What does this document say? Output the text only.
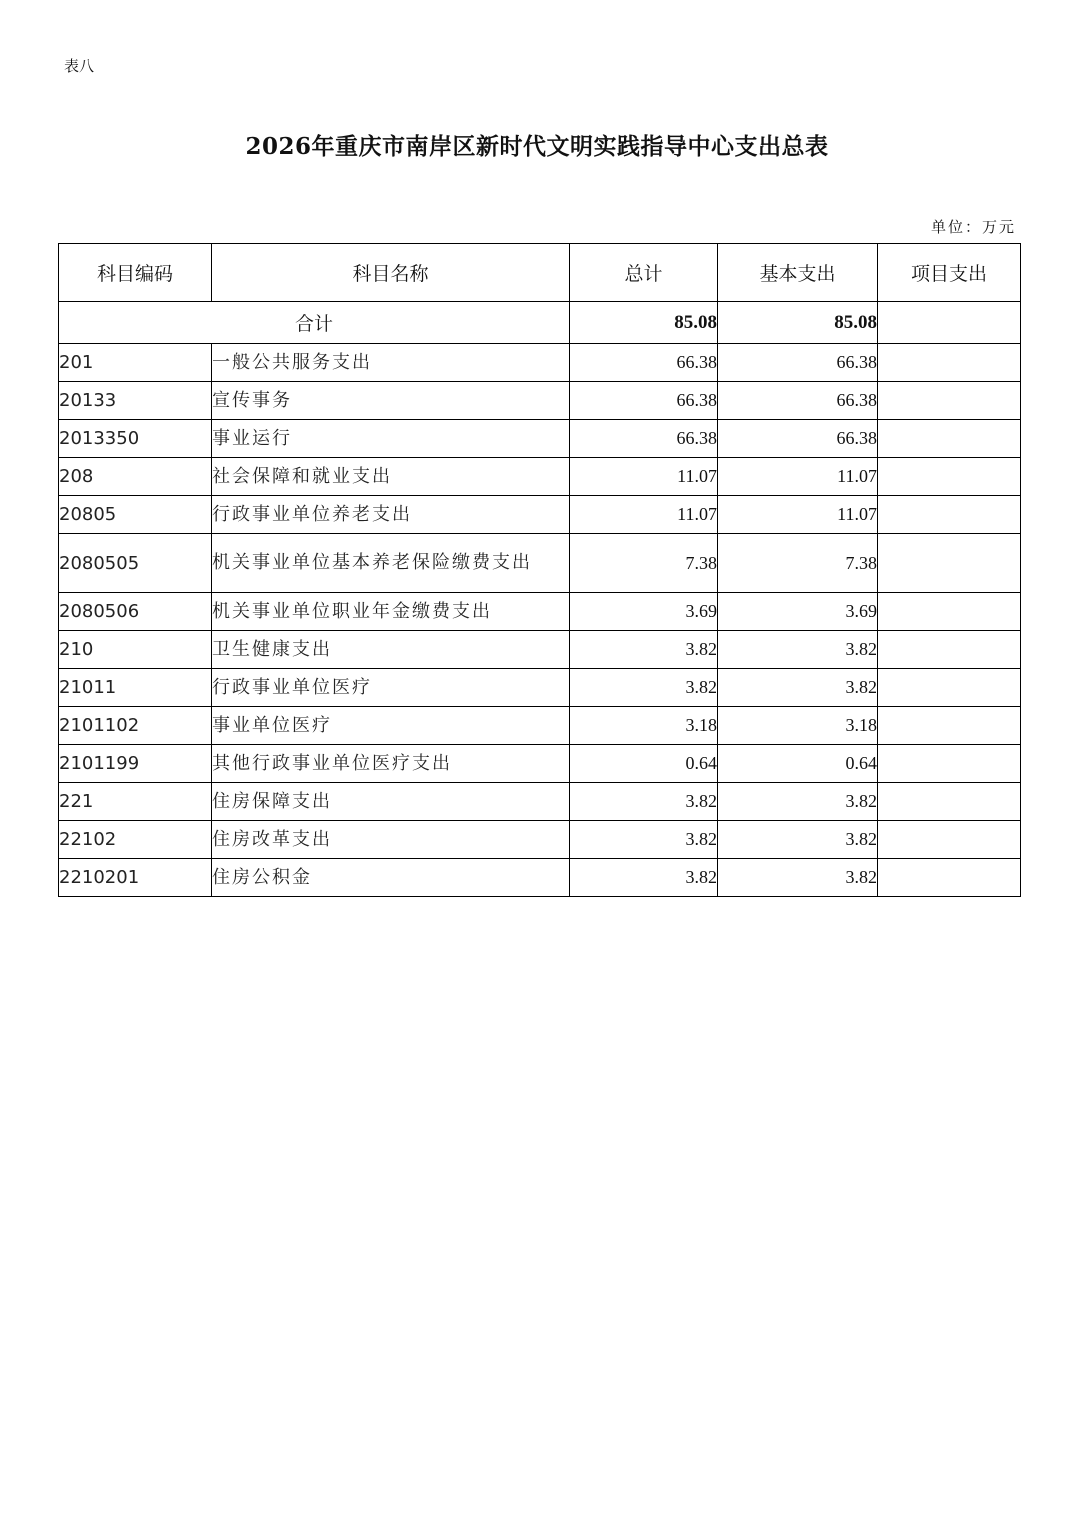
表八
2026年重庆市南岸区新时代文明实践指导中心支出总表
单位：万元
科目编码	科目名称	总计	基本支出	项目支出
合计		85.08	85.08	
201	一般公共服务支出	66.38	66.38	
20133	宣传事务	66.38	66.38	
2013350	事业运行	66.38	66.38	
208	社会保障和就业支出	11.07	11.07	
20805	行政事业单位养老支出	11.07	11.07	
2080505	机关事业单位基本养老保险缴费支出	7.38	7.38	
2080506	机关事业单位职业年金缴费支出	3.69	3.69	
210	卫生健康支出	3.82	3.82	
21011	行政事业单位医疗	3.82	3.82	
2101102	事业单位医疗	3.18	3.18	
2101199	其他行政事业单位医疗支出	0.64	0.64	
221	住房保障支出	3.82	3.82	
22102	住房改革支出	3.82	3.82	
2210201	住房公积金	3.82	3.82	
